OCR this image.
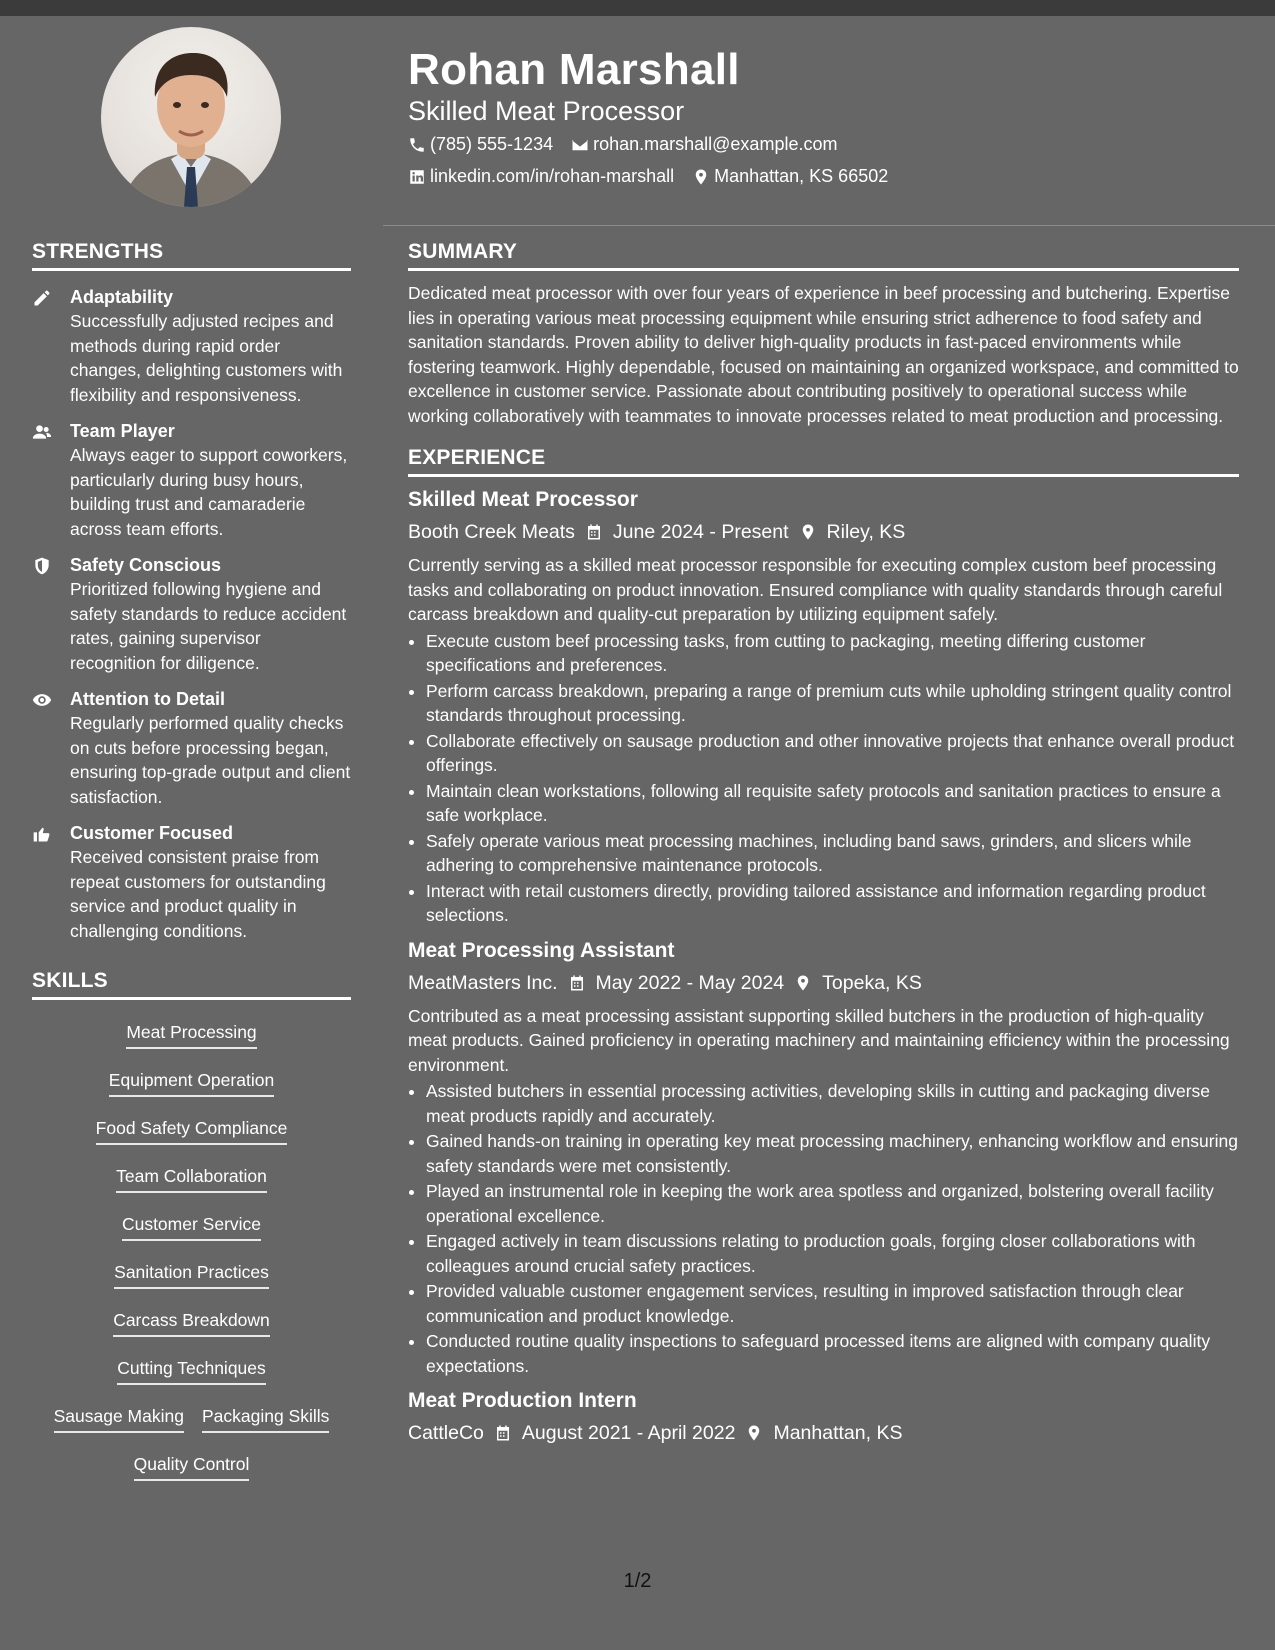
Rohan Marshall
Skilled Meat Processor
(785) 555-1234 rohan.marshall@example.com
linkedin.com/in/rohan-marshall Manhattan, KS 66502
STRENGTHS
Adaptability
Successfully adjusted recipes and methods during rapid order changes, delighting customers with flexibility and responsiveness.
Team Player
Always eager to support coworkers, particularly during busy hours, building trust and camaraderie across team efforts.
Safety Conscious
Prioritized following hygiene and safety standards to reduce accident rates, gaining supervisor recognition for diligence.
Attention to Detail
Regularly performed quality checks on cuts before processing began, ensuring top-grade output and client satisfaction.
Customer Focused
Received consistent praise from repeat customers for outstanding service and product quality in challenging conditions.
SKILLS
Meat Processing
Equipment Operation
Food Safety Compliance
Team Collaboration
Customer Service
Sanitation Practices
Carcass Breakdown
Cutting Techniques
Sausage Making Packaging Skills
Quality Control
SUMMARY

Dedicated meat processor with over four years of experience in beef processing and butchering. Expertise lies in operating various meat processing equipment while ensuring strict adherence to food safety and sanitation standards. Proven ability to deliver high-quality products in fast-paced environments while fostering teamwork. Highly dependable, focused on maintaining an organized workspace, and committed to excellence in customer service. Passionate about contributing positively to operational success while working collaboratively with teammates to innovate processes related to meat production and processing.

EXPERIENCE
Skilled Meat Processor
Booth Creek Meats June 2024 - Present Riley, KS

Currently serving as a skilled meat processor responsible for executing complex custom beef processing tasks and collaborating on product innovation. Ensured compliance with quality standards through careful carcass breakdown and quality-cut preparation by utilizing equipment safely.

• Execute custom beef processing tasks, from cutting to packaging, meeting differing customer specifications and preferences.
• Perform carcass breakdown, preparing a range of premium cuts while upholding stringent quality control standards throughout processing.
• Collaborate effectively on sausage production and other innovative projects that enhance overall product offerings.
• Maintain clean workstations, following all requisite safety protocols and sanitation practices to ensure a safe workplace.
• Safely operate various meat processing machines, including band saws, grinders, and slicers while adhering to comprehensive maintenance protocols.
• Interact with retail customers directly, providing tailored assistance and information regarding product selections.
Meat Processing Assistant
MeatMasters Inc. May 2022 - May 2024 Topeka, KS

Contributed as a meat processing assistant supporting skilled butchers in the production of high-quality meat products. Gained proficiency in operating machinery and maintaining efficiency within the processing environment.

• Assisted butchers in essential processing activities, developing skills in cutting and packaging diverse meat products rapidly and accurately.
• Gained hands-on training in operating key meat processing machinery, enhancing workflow and ensuring safety standards were met consistently.
• Played an instrumental role in keeping the work area spotless and organized, bolstering overall facility operational excellence.
• Engaged actively in team discussions relating to production goals, forging closer collaborations with colleagues around crucial safety practices.
• Provided valuable customer engagement services, resulting in improved satisfaction through clear communication and product knowledge.
• Conducted routine quality inspections to safeguard processed items are aligned with company quality expectations.
Meat Production Intern
CattleCo August 2021 - April 2022 Manhattan, KS
1/2
